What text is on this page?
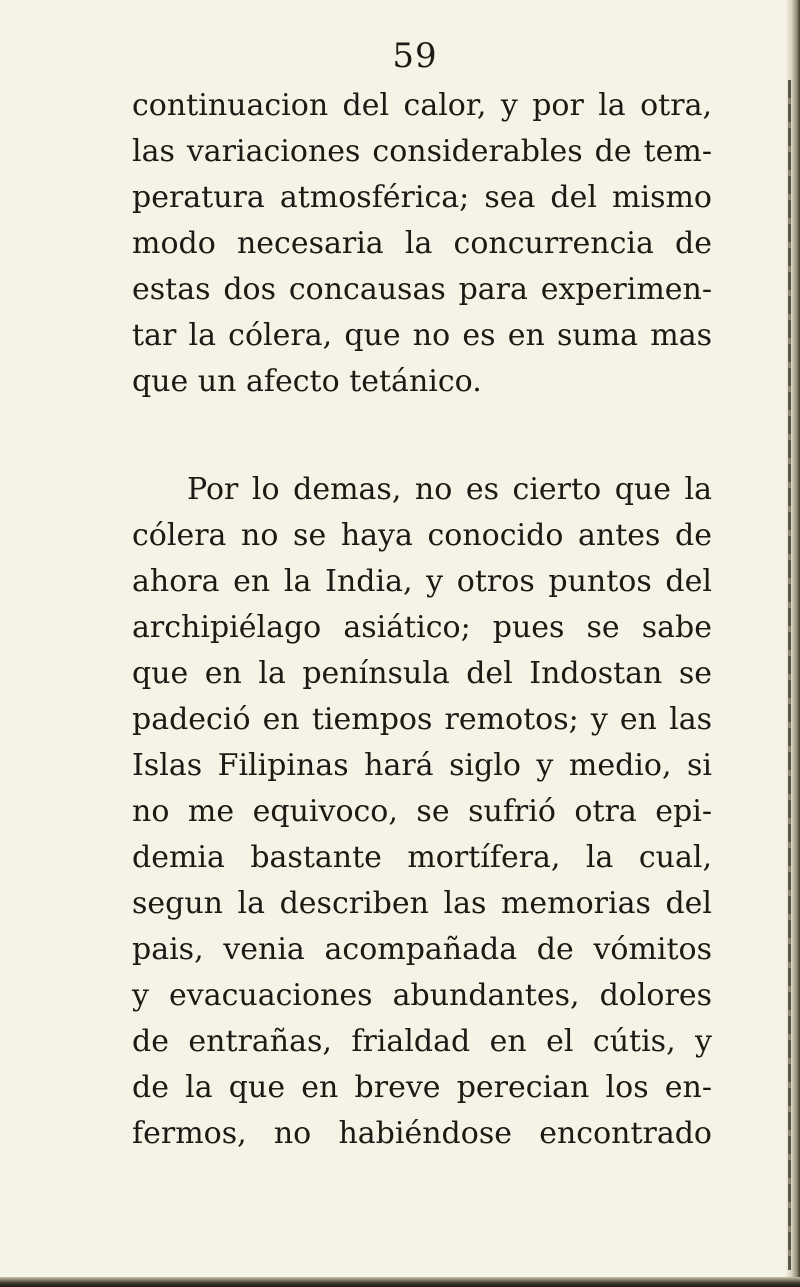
59
continuacion del calor, y por la otra,
las variaciones considerables de tem-
peratura atmosférica; sea del mismo
modo necesaria la concurrencia de
estas dos concausas para experimen-
tar la cólera, que no es en suma mas
que un afecto tetánico.
Por lo demas, no es cierto que la
cólera no se haya conocido antes de
ahora en la India, y otros puntos del
archipiélago asiático; pues se sabe
que en la península del Indostan se
padeció en tiempos remotos; y en las
Islas Filipinas hará siglo y medio, si
no me equivoco, se sufrió otra epi-
demia bastante mortífera, la cual,
segun la describen las memorias del
pais, venia acompañada de vómitos
y evacuaciones abundantes, dolores
de entrañas, frialdad en el cútis, y
de la que en breve perecian los en-
fermos, no habiéndose encontrado
